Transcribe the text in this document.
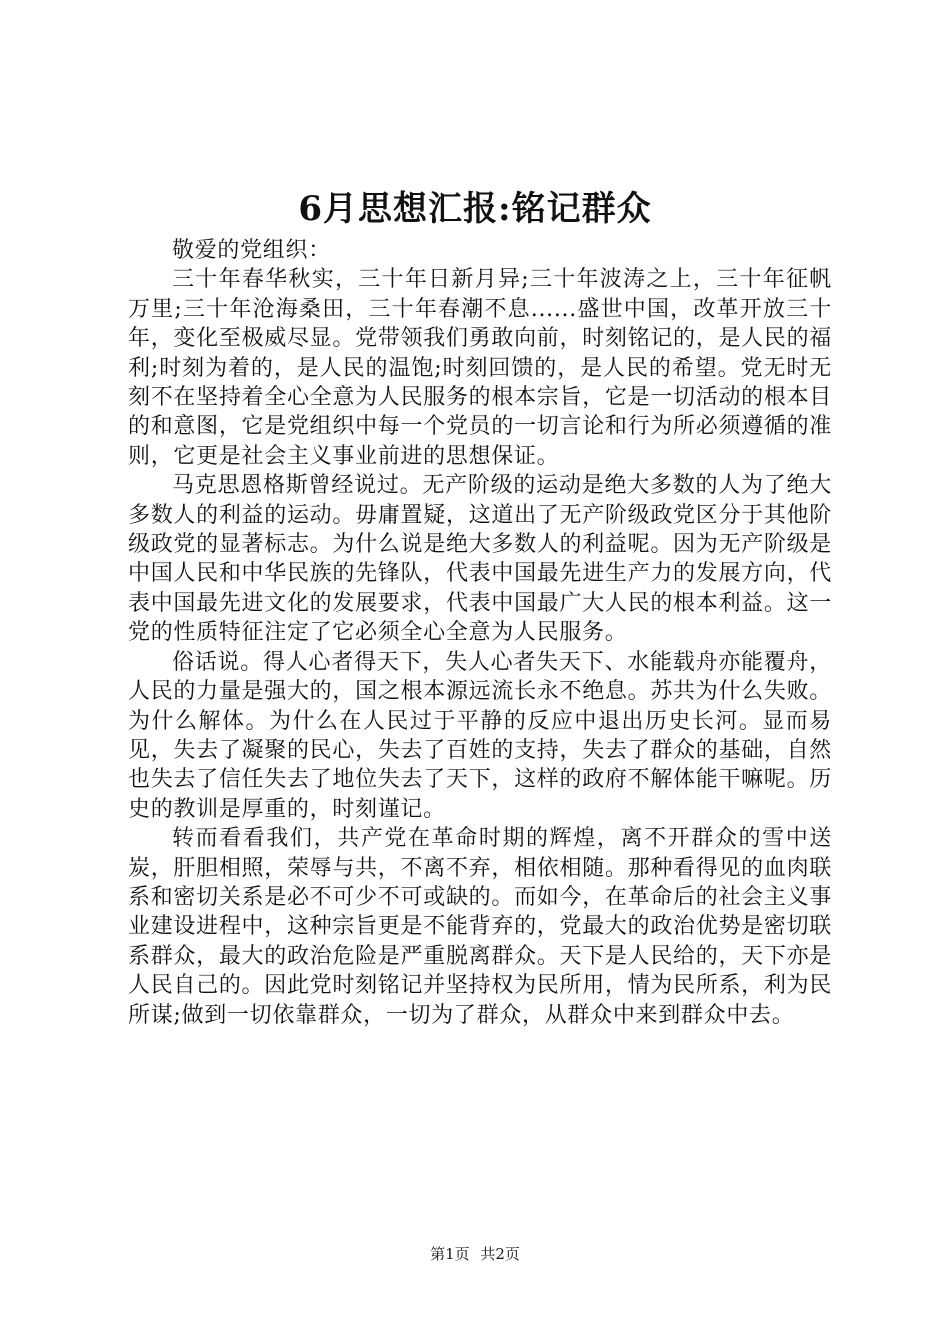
6月思想汇报:铭记群众

敬爱的党组织：

三十年春华秋实，三十年日新月异;三十年波涛之上，三十年征帆万里;三十年沧海桑田，三十年春潮不息......盛世中国，改革开放三十年，变化至极威尽显。党带领我们勇敢向前，时刻铭记的，是人民的福利;时刻为着的，是人民的温饱;时刻回馈的，是人民的希望。党无时无刻不在坚持着全心全意为人民服务的根本宗旨，它是一切活动的根本目的和意图，它是党组织中每一个党员的一切言论和行为所必须遵循的准则，它更是社会主义事业前进的思想保证。

马克思恩格斯曾经说过。无产阶级的运动是绝大多数的人为了绝大多数人的利益的运动。毋庸置疑，这道出了无产阶级政党区分于其他阶级政党的显著标志。为什么说是绝大多数人的利益呢。因为无产阶级是中国人民和中华民族的先锋队，代表中国最先进生产力的发展方向，代表中国最先进文化的发展要求，代表中国最广大人民的根本利益。这一党的性质特征注定了它必须全心全意为人民服务。

俗话说。得人心者得天下，失人心者失天下、水能载舟亦能覆舟，人民的力量是强大的，国之根本源远流长永不绝息。苏共为什么失败。为什么解体。为什么在人民过于平静的反应中退出历史长河。显而易见，失去了凝聚的民心，失去了百姓的支持，失去了群众的基础，自然也失去了信任失去了地位失去了天下，这样的政府不解体能干嘛呢。历史的教训是厚重的，时刻谨记。

转而看看我们，共产党在革命时期的辉煌，离不开群众的雪中送炭，肝胆相照，荣辱与共，不离不弃，相依相随。那种看得见的血肉联系和密切关系是必不可少不可或缺的。而如今，在革命后的社会主义事业建设进程中，这种宗旨更是不能背弃的，党最大的政治优势是密切联系群众，最大的政治危险是严重脱离群众。天下是人民给的，天下亦是人民自己的。因此党时刻铭记并坚持权为民所用，情为民所系，利为民所谋;做到一切依靠群众，一切为了群众，从群众中来到群众中去。

第1页 共2页
